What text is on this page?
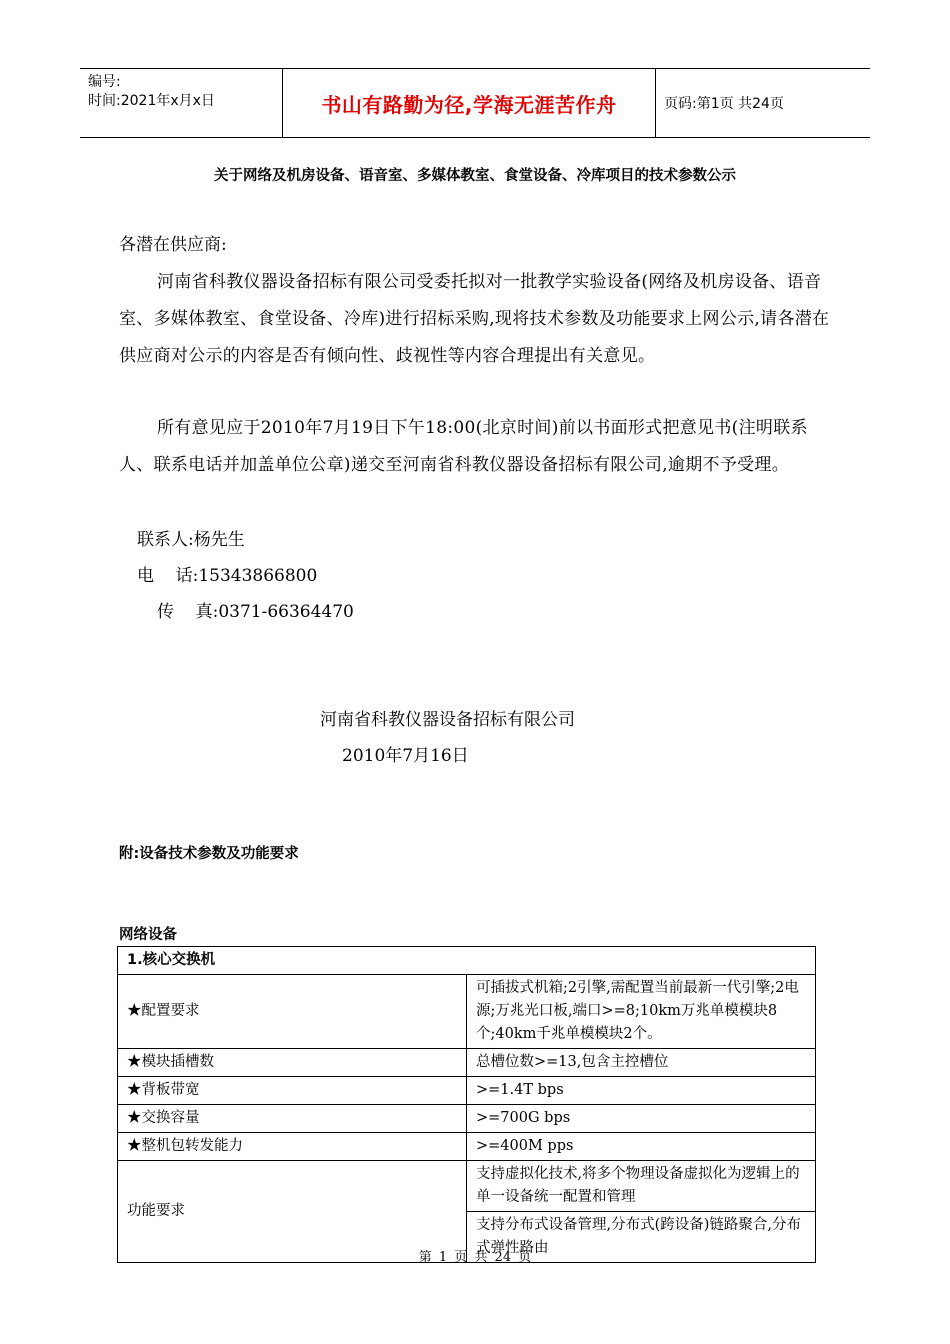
编号:
时间:2021年x月x日	书山有路勤为径,学海无涯苦作舟	页码:第1页 共24页
关于网络及机房设备、语音室、多媒体教室、食堂设备、冷库项目的技术参数公示
各潜在供应商:
河南省科教仪器设备招标有限公司受委托拟对一批教学实验设备(网络及机房设备、语音室、多媒体教室、食堂设备、冷库)进行招标采购,现将技术参数及功能要求上网公示,请各潜在供应商对公示的内容是否有倾向性、歧视性等内容合理提出有关意见。
所有意见应于2010年7月19日下午18:00(北京时间)前以书面形式把意见书(注明联系人、联系电话并加盖单位公章)递交至河南省科教仪器设备招标有限公司,逾期不予受理。
联系人:杨先生
电    话:15343866800
传    真:0371-66364470
河南省科教仪器设备招标有限公司
2010年7月16日
附:设备技术参数及功能要求
网络设备
1.核心交换机	
★配置要求	可插拔式机箱;2引擎,需配置当前最新一代引擎;2电源;万兆光口板,端口>=8;10km万兆单模模块8个;40km千兆单模模块2个。
★模块插槽数	总槽位数>=13,包含主控槽位
★背板带宽	>=1.4T bps
★交换容量	>=700G bps
★整机包转发能力	>=400M pps
功能要求	支持虚拟化技术,将多个物理设备虚拟化为逻辑上的单一设备统一配置和管理
	支持分布式设备管理,分布式(跨设备)链路聚合,分布式弹性路由
第 1 页 共 24 页
